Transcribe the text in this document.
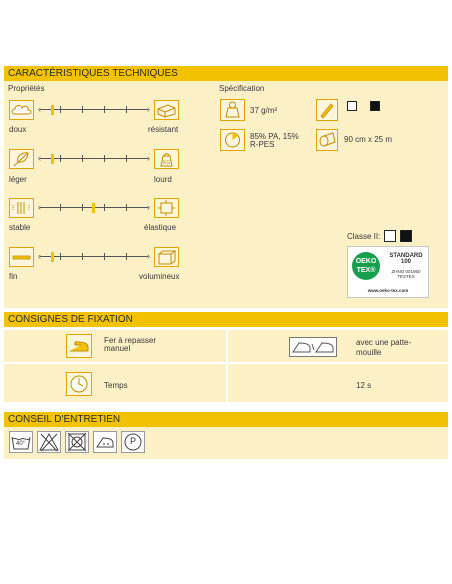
CARACTÉRISTIQUES TECHNIQUES
Propriétés	Spécification
‹	›
doux	résistant
‹	›	KG
léger	lourd
‹	›
stable	élastique
‹	›
fin	volumineux
37 g/m²
85% PA, 15%
R-PES
90 cm x 25 m
Classe II:
OEKO
TEX®
STANDARD
100
ZHNO 001950
TESTEX
www.oeko-tex.com
CONSIGNES DE FIXATION
Fer à repasser
manuel
avec une patte-
mouille
Temps	12 s
CONSEIL D'ENTRETIEN
40°	P
